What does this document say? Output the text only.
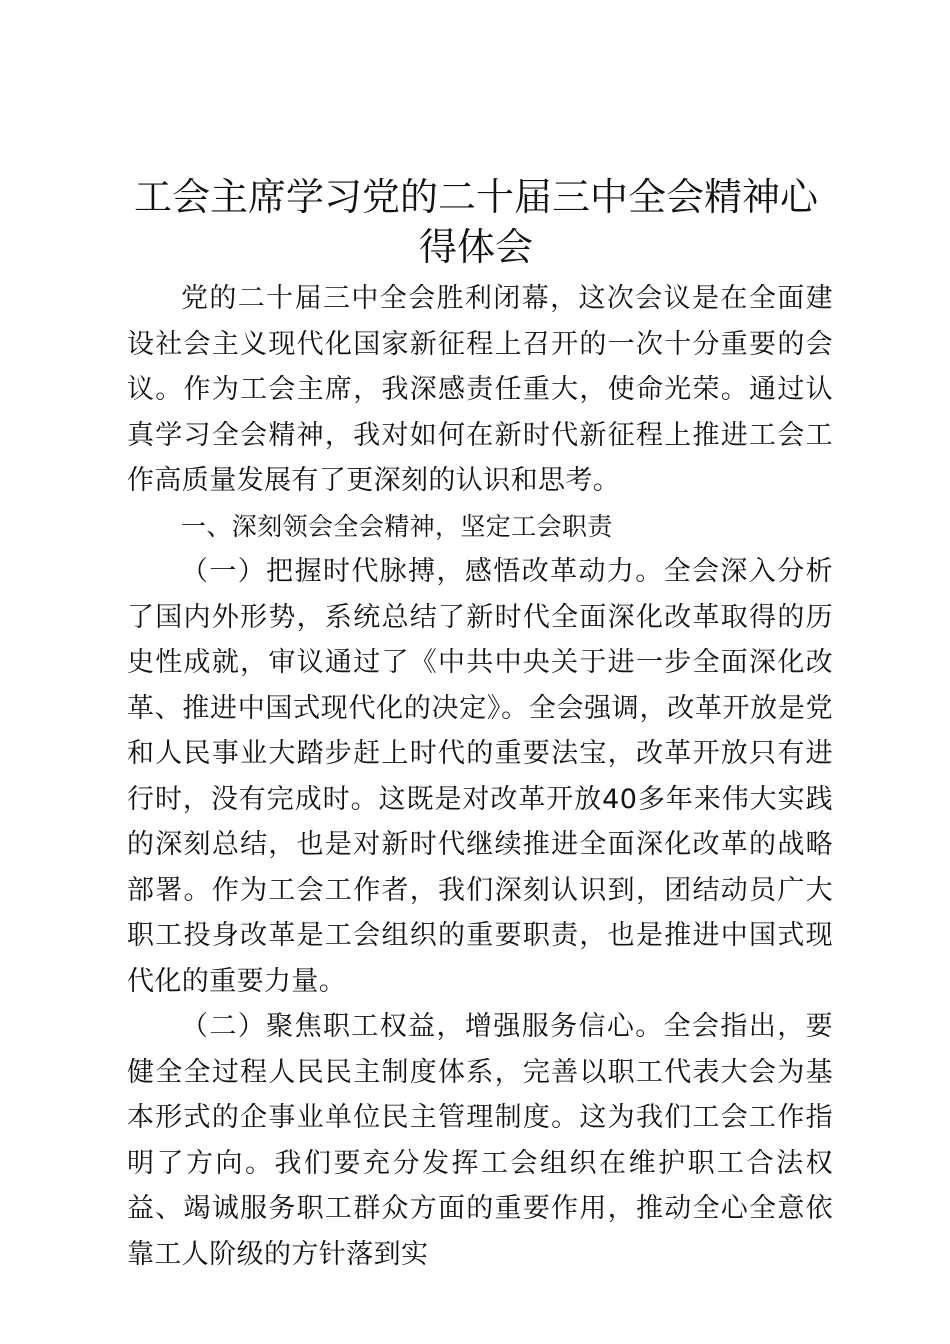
工会主席学习党的二十届三中全会精神心得体会

党的二十届三中全会胜利闭幕，这次会议是在全面建设社会主义现代化国家新征程上召开的一次十分重要的会议。作为工会主席，我深感责任重大，使命光荣。通过认真学习全会精神，我对如何在新时代新征程上推进工会工作高质量发展有了更深刻的认识和思考。

一、深刻领会全会精神，坚定工会职责

（一）把握时代脉搏，感悟改革动力。全会深入分析了国内外形势，系统总结了新时代全面深化改革取得的历史性成就，审议通过了《中共中央关于进一步全面深化改革、推进中国式现代化的决定》。全会强调，改革开放是党和人民事业大踏步赶上时代的重要法宝，改革开放只有进行时，没有完成时。这既是对改革开放40多年来伟大实践的深刻总结，也是对新时代继续推进全面深化改革的战略部署。作为工会工作者，我们深刻认识到，团结动员广大职工投身改革是工会组织的重要职责，也是推进中国式现代化的重要力量。

（二）聚焦职工权益，增强服务信心。全会指出，要健全全过程人民民主制度体系，完善以职工代表大会为基本形式的企事业单位民主管理制度。这为我们工会工作指明了方向。我们要充分发挥工会组织在维护职工合法权益、竭诚服务职工群众方面的重要作用，推动全心全意依靠工人阶级的方针落到实
